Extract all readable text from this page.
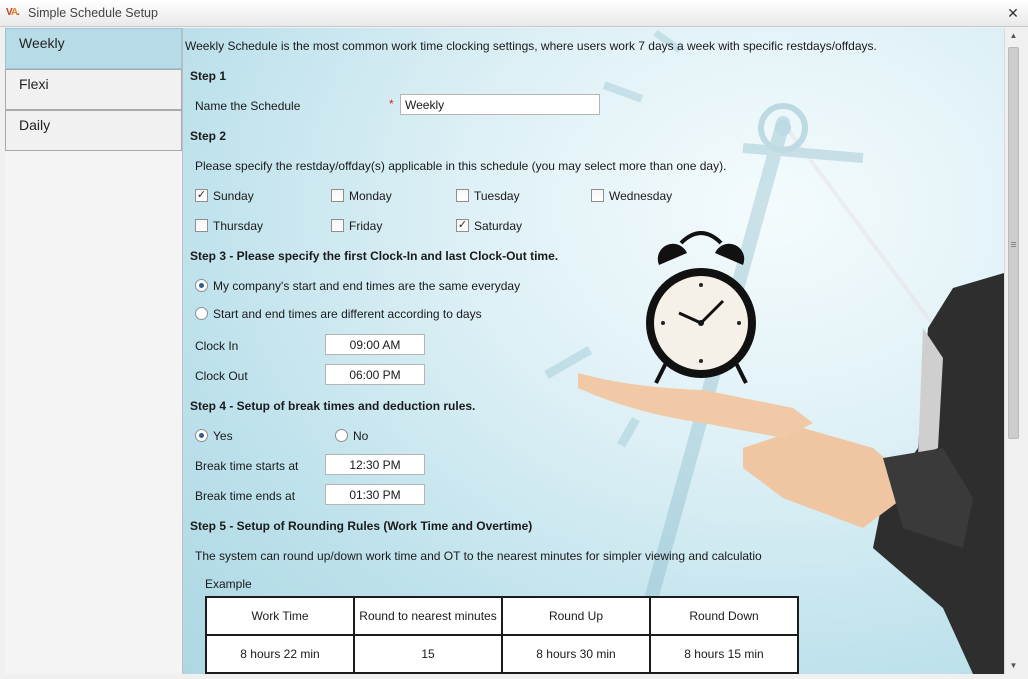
VA. Simple Schedule Setup	✕
Weekly
Flexi
Daily
Weekly Schedule is the most common work time clocking settings, where users work 7 days a week with specific restdays/offdays.
Step 1
Name the Schedule	* Weekly
Step 2
Please specify the restday/offday(s) applicable in this schedule (you may select more than one day).
✓ Sunday	Monday	Tuesday	Wednesday
Thursday	Friday	✓ Saturday
Step 3 - Please specify the first Clock-In and last Clock-Out time.
My company's start and end times are the same everyday
Start and end times are different according to days
Clock In	09:00 AM
Clock Out	06:00 PM
Step 4 - Setup of break times and deduction rules.
Yes	No
Break time starts at	12:30 PM
Break time ends at	01:30 PM
Step 5 - Setup of Rounding Rules (Work Time and Overtime)
The system can round up/down work time and OT to the nearest minutes for simpler viewing and calculatio
Example
Work Time	Round to nearest minutes	Round Up	Round Down
8 hours 22 min	15	8 hours 30 min	8 hours 15 min
▲
▼
